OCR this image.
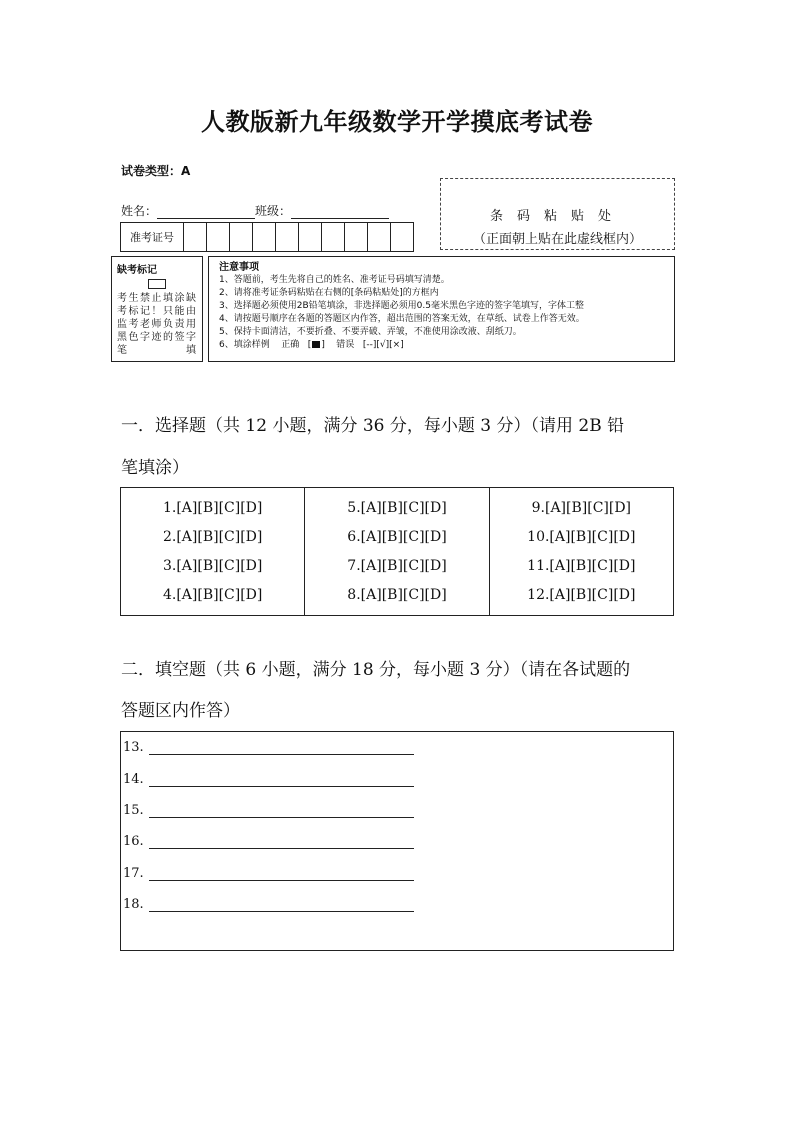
人教版新九年级数学开学摸底考试卷
试卷类型：A
姓名：	班级：
准考证号
条码粘贴处
（正面朝上贴在此虚线框内）
缺考标记
考生禁止填涂缺考标记！只能由监考老师负责用黑色字迹的签字笔填
注意事项
1、答题前，考生先将自己的姓名、准考证号码填写清楚。
2、请将准考证条码粘贴在右侧的[条码粘贴处]的方框内
3、选择题必须使用2B铅笔填涂，非选择题必须用0.5毫米黑色字迹的签字笔填写，字体工整
4、请按题号顺序在各题的答题区内作答，超出范围的答案无效，在草纸、试卷上作答无效。
5、保持卡面清洁，不要折叠、不要弄破、弄皱，不准使用涂改液、刮纸刀。
6、填涂样例 正确 [ ] 错误 [--][√][×]
一．选择题（共 12 小题，满分 36 分，每小题 3 分）（请用 2B 铅
笔填涂）
1.[A][B][C][D]
2.[A][B][C][D]
3.[A][B][C][D]
4.[A][B][C][D]
5.[A][B][C][D]
6.[A][B][C][D]
7.[A][B][C][D]
8.[A][B][C][D]
9.[A][B][C][D]
10.[A][B][C][D]
11.[A][B][C][D]
12.[A][B][C][D]
二．填空题（共 6 小题，满分 18 分，每小题 3 分）（请在各试题的
答题区内作答）
13.
14.
15.
16.
17.
18.
